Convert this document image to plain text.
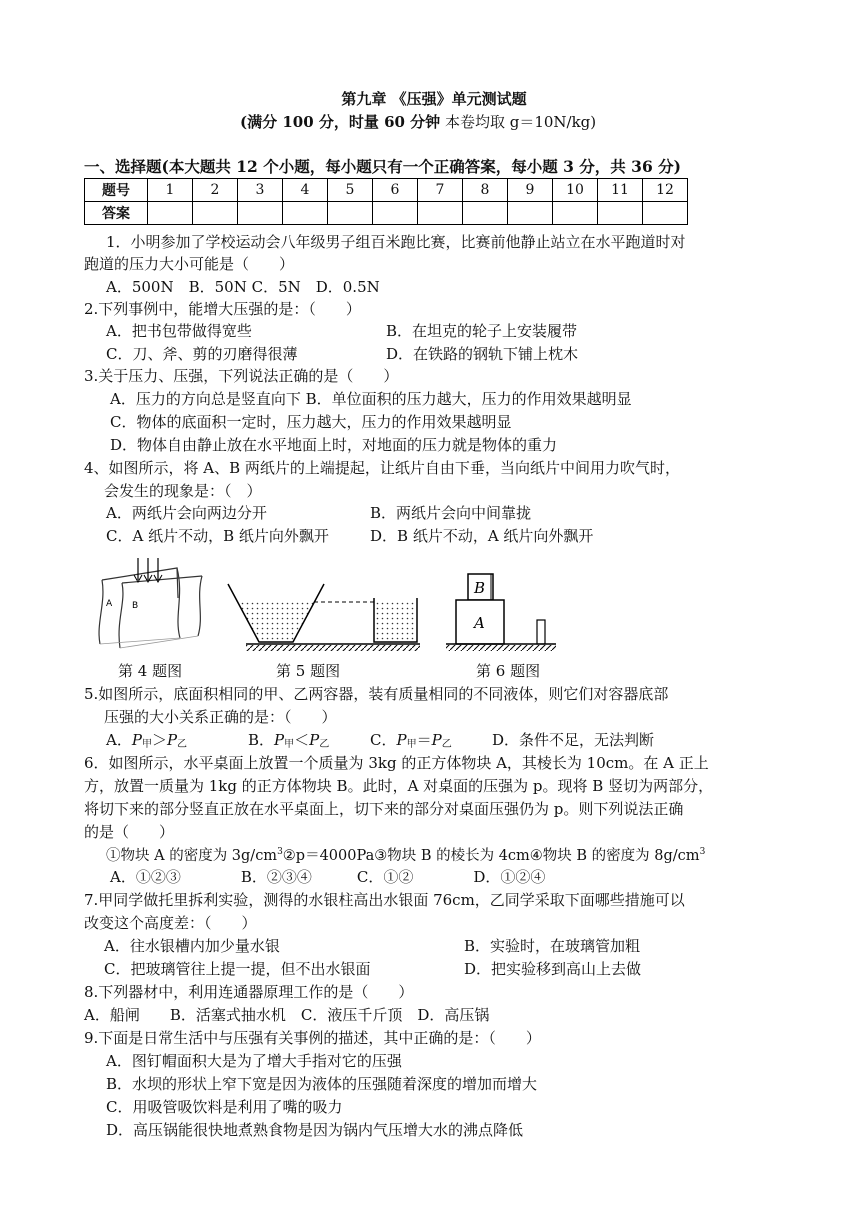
第九章 《压强》单元测试题
(满分 100 分，时量 60 分钟 本卷均取 g＝10N/kg)
一、选择题(本大题共 12 个小题，每小题只有一个正确答案，每小题 3 分，共 36 分)
题号	1	2	3	4	5	6	7	8	9	10	11	12
答案												
1．小明参加了学校运动会八年级男子组百米跑比赛，比赛前他静止站立在水平跑道时对
跑道的压力大小可能是（　　）
A．500N　B．50N C．5N　D．0.5N
2.下列事例中，能增大压强的是：（　　）
A．把书包带做得宽些	B．在坦克的轮子上安装履带
C．刀、斧、剪的刃磨得很薄	D．在铁路的钢轨下铺上枕木
3.关于压力、压强，下列说法正确的是（　　）
A．压力的方向总是竖直向下 B．单位面积的压力越大，压力的作用效果越明显
C．物体的底面积一定时，压力越大，压力的作用效果越明显
D．物体自由静止放在水平地面上时，对地面的压力就是物体的重力
4、如图所示，将 A、B 两纸片的上端提起，让纸片自由下垂，当向纸片中间用力吹气时，
会发生的现象是：（　）
A．两纸片会向两边分开	B．两纸片会向中间靠拢
C．A 纸片不动，B 纸片向外飘开	D．B 纸片不动，A 纸片向外飘开
A B
B
A
第 4 题图	第 5 题图	第 6 题图
5.如图所示，底面积相同的甲、乙两容器，装有质量相同的不同液体，则它们对容器底部
压强的大小关系正确的是：（　　）
A．P甲＞P乙	B．P甲＜P乙	C．P甲＝P乙	D．条件不足，无法判断
6．如图所示，水平桌面上放置一个质量为 3kg 的正方体物块 A，其棱长为 10cm。在 A 正上
方，放置一质量为 1kg 的正方体物块 B。此时，A 对桌面的压强为 p。现将 B 竖切为两部分，
将切下来的部分竖直正放在水平桌面上，切下来的部分对桌面压强仍为 p。则下列说法正确
的是（　　）
①物块 A 的密度为 $3g/cm^3②p=4000Pa③$物块 B 的棱长为 4cm④物块 B 的密度为 $8g/cm^3$
A．①②③　　　　B．②③④　　　C．①②　　　　D．①②④
7.甲同学做托里拆利实验，测得的水银柱高出水银面 76cm，乙同学采取下面哪些措施可以
改变这个高度差：（　　）
A．往水银槽内加少量水银	B．实验时，在玻璃管加粗
C．把玻璃管往上提一提，但不出水银面	D．把实验移到高山上去做
8.下列器材中，利用连通器原理工作的是（　　）
A．船闸　　B．活塞式抽水机　C．液压千斤顶　D．高压锅
9.下面是日常生活中与压强有关事例的描述，其中正确的是：（　　）
A．图钉帽面积大是为了增大手指对它的压强
B．水坝的形状上窄下宽是因为液体的压强随着深度的增加而增大
C．用吸管吸饮料是利用了嘴的吸力
D．高压锅能很快地煮熟食物是因为锅内气压增大水的沸点降低
